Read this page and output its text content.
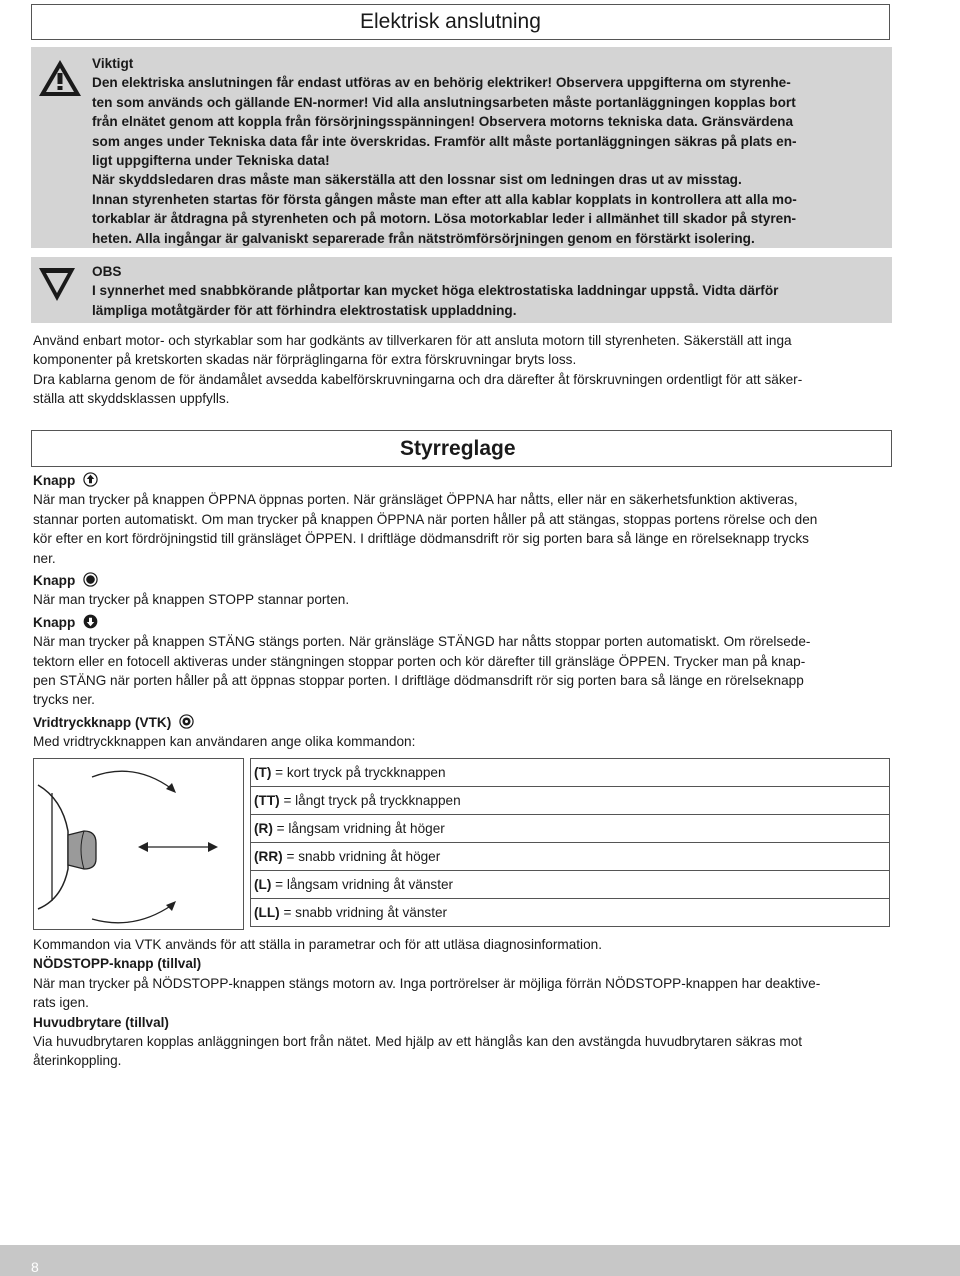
Elektrisk anslutning
Viktigt
Den elektriska anslutningen får endast utföras av en behörig elektriker! Observera uppgifterna om styrenhe-
ten som används och gällande EN-normer! Vid alla anslutningsarbeten måste portanläggningen kopplas bort
från elnätet genom att koppla från försörjningsspänningen! Observera motorns tekniska data. Gränsvärdena
som anges under Tekniska data får inte överskridas. Framför allt måste portanläggningen säkras på plats en-
ligt uppgifterna under Tekniska data!
När skyddsledaren dras måste man säkerställa att den lossnar sist om ledningen dras ut av misstag.
Innan styrenheten startas för första gången måste man efter att alla kablar kopplats in kontrollera att alla mo-
torkablar är åtdragna på styrenheten och på motorn. Lösa motorkablar leder i allmänhet till skador på styren-
heten. Alla ingångar är galvaniskt separerade från nätströmförsörjningen genom en förstärkt isolering.
OBS
I synnerhet med snabbkörande plåtportar kan mycket höga elektrostatiska laddningar uppstå. Vidta därför
lämpliga motåtgärder för att förhindra elektrostatisk uppladdning.
Använd enbart motor- och styrkablar som har godkänts av tillverkaren för att ansluta motorn till styrenheten. Säkerställ att inga
komponenter på kretskorten skadas när förpräglingarna för extra förskruvningar bryts loss.
Dra kablarna genom de för ändamålet avsedda kabelförskruvningarna och dra därefter åt förskruvningen ordentligt för att säker-
ställa att skyddsklassen uppfylls.
Styrreglage
Knapp
När man trycker på knappen ÖPPNA öppnas porten. När gränsläget ÖPPNA har nåtts, eller när en säkerhetsfunktion aktiveras,
stannar porten automatiskt. Om man trycker på knappen ÖPPNA när porten håller på att stängas, stoppas portens rörelse och den
kör efter en kort fördröjningstid till gränsläget ÖPPEN. I driftläge dödmansdrift rör sig porten bara så länge en rörelseknapp trycks
ner.
Knapp
När man trycker på knappen STOPP stannar porten.
Knapp
När man trycker på knappen STÄNG stängs porten. När gränsläge STÄNGD har nåtts stoppar porten automatiskt. Om rörelsede-
tektorn eller en fotocell aktiveras under stängningen stoppar porten och kör därefter till gränsläge ÖPPEN. Trycker man på knap-
pen STÄNG när porten håller på att öppnas stoppar porten. I driftläge dödmansdrift rör sig porten bara så länge en rörelseknapp
trycks ner.
Vridtryckknapp (VTK)
Med vridtryckknappen kan användaren ange olika kommandon:
(T) = kort tryck på tryckknappen
(TT) = långt tryck på tryckknappen
(R) = långsam vridning åt höger
(RR) = snabb vridning åt höger
(L) = långsam vridning åt vänster
(LL) = snabb vridning åt vänster
Kommandon via VTK används för att ställa in parametrar och för att utläsa diagnosinformation.
NÖDSTOPP-knapp (tillval)
När man trycker på NÖDSTOPP-knappen stängs motorn av. Inga portrörelser är möjliga förrän NÖDSTOPP-knappen har deaktive-
rats igen.
Huvudbrytare (tillval)
Via huvudbrytaren kopplas anläggningen bort från nätet. Med hjälp av ett hänglås kan den avstängda huvudbrytaren säkras mot
återinkoppling.
8
